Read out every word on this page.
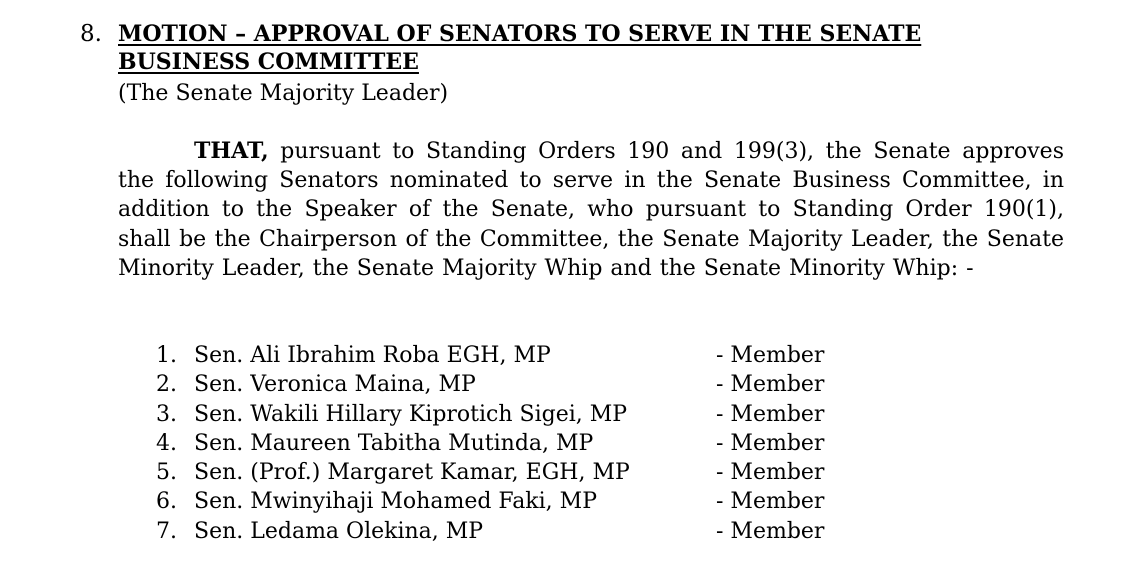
8. MOTION – APPROVAL OF SENATORS TO SERVE IN THE SENATE
BUSINESS COMMITTEE
(The Senate Majority Leader)

THAT, pursuant to Standing Orders 190 and 199(3), the Senate approves the following Senators nominated to serve in the Senate Business Committee, in addition to the Speaker of the Senate, who pursuant to Standing Order 190(1), shall be the Chairperson of the Committee, the Senate Majority Leader, the Senate Minority Leader, the Senate Majority Whip and the Senate Minority Whip: -

1. Sen. Ali Ibrahim Roba EGH, MP	- Member
2. Sen. Veronica Maina, MP	- Member
3. Sen. Wakili Hillary Kiprotich Sigei, MP	- Member
4. Sen. Maureen Tabitha Mutinda, MP	- Member
5. Sen. (Prof.) Margaret Kamar, EGH, MP	- Member
6. Sen. Mwinyihaji Mohamed Faki, MP	- Member
7. Sen. Ledama Olekina, MP	- Member
